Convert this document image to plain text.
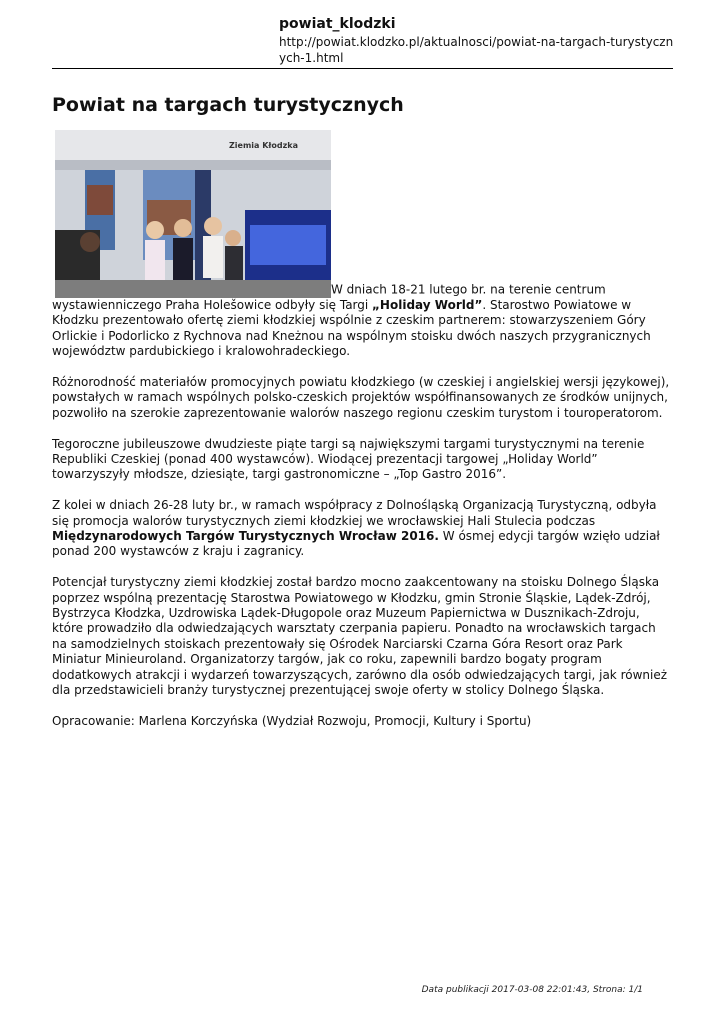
powiat_klodzki
http://powiat.klodzko.pl/aktualnosci/powiat-na-targach-turystycznych-1.html
Powiat na targach turystycznych

Ziemia Kłodzka
W dniach 18-21 lutego br. na terenie centrum wystawienniczego Praha Holešowice odbyły się Targi „Holiday World”. Starostwo Powiatowe w Kłodzku prezentowało ofertę ziemi kłodzkiej wspólnie z czeskim partnerem: stowarzyszeniem Góry Orlickie i Podorlicko z Rychnova nad Kneżnou na wspólnym stoisku dwóch naszych przygranicznych województw pardubickiego i kralowohradeckiego.

Różnorodność materiałów promocyjnych powiatu kłodzkiego (w czeskiej i angielskiej wersji językowej), powstałych w ramach wspólnych polsko-czeskich projektów współfinansowanych ze środków unijnych, pozwoliło na szerokie zaprezentowanie walorów naszego regionu czeskim turystom i touroperatorom.

Tegoroczne jubileuszowe dwudzieste piąte targi są największymi targami turystycznymi na terenie Republiki Czeskiej (ponad 400 wystawców). Wiodącej prezentacji targowej „Holiday World” towarzyszyły młodsze, dziesiąte, targi gastronomiczne – „Top Gastro 2016”.

Z kolei w dniach 26-28 luty br., w ramach współpracy z Dolnośląską Organizacją Turystyczną, odbyła się promocja walorów turystycznych ziemi kłodzkiej we wrocławskiej Hali Stulecia podczas Międzynarodowych Targów Turystycznych Wrocław 2016. W ósmej edycji targów wzięło udział ponad 200 wystawców z kraju i zagranicy.

Potencjał turystyczny ziemi kłodzkiej został bardzo mocno zaakcentowany na stoisku Dolnego Śląska poprzez wspólną prezentację Starostwa Powiatowego w Kłodzku, gmin Stronie Śląskie, Lądek-Zdrój, Bystrzyca Kłodzka, Uzdrowiska Lądek-Długopole oraz Muzeum Papiernictwa w Dusznikach-Zdroju, które prowadziło dla odwiedzających warsztaty czerpania papieru. Ponadto na wrocławskich targach na samodzielnych stoiskach prezentowały się Ośrodek Narciarski Czarna Góra Resort oraz Park Miniatur Minieuroland. Organizatorzy targów, jak co roku, zapewnili bardzo bogaty program dodatkowych atrakcji i wydarzeń towarzyszących, zarówno dla osób odwiedzających targi, jak również dla przedstawicieli branży turystycznej prezentującej swoje oferty w stolicy Dolnego Śląska.

Opracowanie: Marlena Korczyńska (Wydział Rozwoju, Promocji, Kultury i Sportu)

Data publikacji 2017-03-08 22:01:43, Strona: 1/1
